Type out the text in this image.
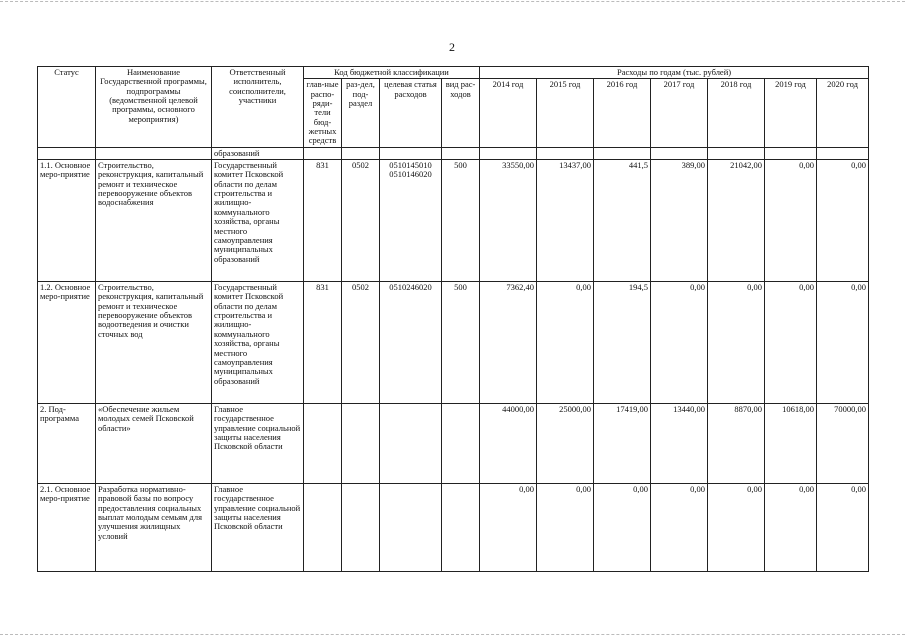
2
Статус	Наименование Государственной программы, подпрограммы (ведомственной целевой программы, основного мероприятия)	Ответственный исполнитель, соисполнители, участники	Код бюджетной классификации				Расходы по годам (тыс. рублей)						
			глав-ные распо-ряди-тели бюд-жетных средств	раз-дел, под-раздел	целевая статья расходов	вид рас-ходов	2014 год	2015 год	2016 год	2017 год	2018 год	2019 год	2020 год
		образований											
1.1. Основное меро-приятие	Строительство, реконструкция, капитальный ремонт и техническое перевооружение объектов водоснабжения	Государственный комитет Псковской области по делам строительства и жилищно-коммунального хозяйства, органы местного самоуправления муниципальных образований	831	0502	0510145010 0510146020	500	33550,00	13437,00	441,5	389,00	21042,00	0,00	0,00
1.2. Основное меро-приятие	Строительство, реконструкция, капитальный ремонт и техническое перевооружение объектов водоотведения и очистки сточных вод	Государственный комитет Псковской области по делам строительства и жилищно-коммунального хозяйства, органы местного самоуправления муниципальных образований	831	0502	0510246020	500	7362,40	0,00	194,5	0,00	0,00	0,00	0,00
2. Под-программа	«Обеспечение жильем молодых семей Псковской области»	Главное государственное управление социальной защиты населения Псковской области					44000,00	25000,00	17419,00	13440,00	8870,00	10618,00	70000,00
2.1. Основное меро-приятие	Разработка нормативно-правовой базы по вопросу предоставления социальных выплат молодым семьям для улучшения жилищных условий	Главное государственное управление социальной защиты населения Псковской области					0,00	0,00	0,00	0,00	0,00	0,00	0,00
